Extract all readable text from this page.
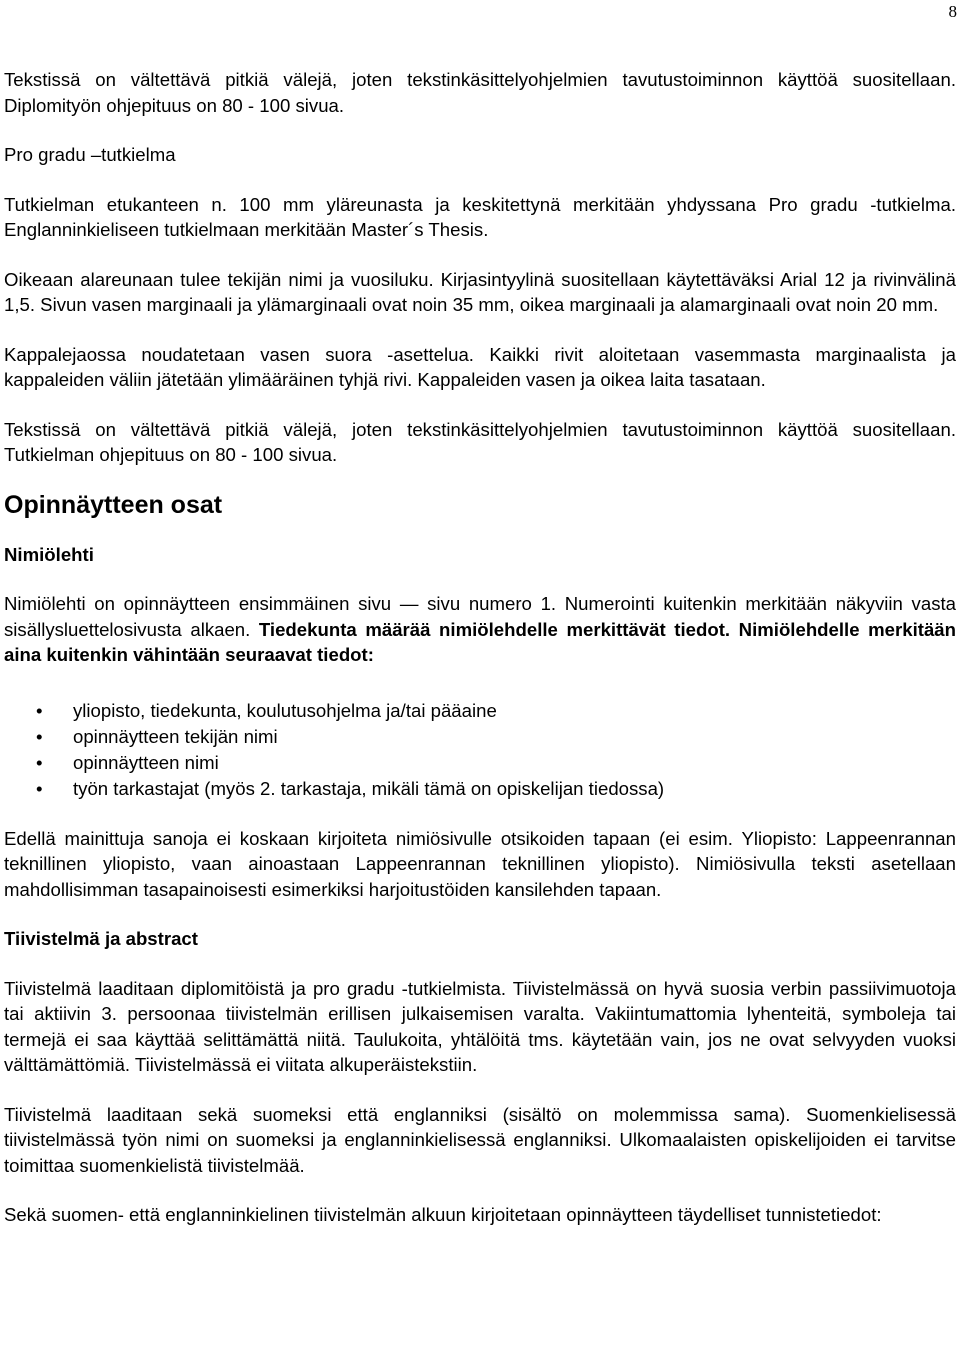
8

Tekstissä on vältettävä pitkiä välejä, joten tekstinkäsittelyohjelmien tavutustoiminnon käyttöä suositellaan. Diplomityön ohjepituus on 80 - 100 sivua.

Pro gradu –tutkielma

Tutkielman etukanteen n. 100 mm yläreunasta ja keskitettynä merkitään yhdyssana Pro gradu -tutkielma. Englanninkieliseen tutkielmaan merkitään Master´s Thesis.

Oikeaan alareunaan tulee tekijän nimi ja vuosiluku. Kirjasintyylinä suositellaan käytettäväksi Arial 12 ja rivinvälinä 1,5. Sivun vasen marginaali ja ylämarginaali ovat noin 35 mm, oikea marginaali ja alamarginaali ovat noin 20 mm.

Kappalejaossa noudatetaan vasen suora -asettelua. Kaikki rivit aloitetaan vasemmasta marginaalista ja kappaleiden väliin jätetään ylimääräinen tyhjä rivi. Kappaleiden vasen ja oikea laita tasataan.

Tekstissä on vältettävä pitkiä välejä, joten tekstinkäsittelyohjelmien tavutustoiminnon käyttöä suositellaan. Tutkielman ohjepituus on 80 - 100 sivua.

Opinnäytteen osat
Nimiölehti

Nimiölehti on opinnäytteen ensimmäinen sivu — sivu numero 1. Numerointi kuitenkin merkitään näkyviin vasta sisällysluettelosivusta alkaen. Tiedekunta määrää nimiölehdelle merkittävät tiedot. Nimiölehdelle merkitään aina kuitenkin vähintään seuraavat tiedot:

• yliopisto, tiedekunta, koulutusohjelma ja/tai pääaine
• opinnäytteen tekijän nimi
• opinnäytteen nimi
• työn tarkastajat (myös 2. tarkastaja, mikäli tämä on opiskelijan tiedossa)

Edellä mainittuja sanoja ei koskaan kirjoiteta nimiösivulle otsikoiden tapaan (ei esim. Yliopisto: Lappeenrannan teknillinen yliopisto, vaan ainoastaan Lappeenrannan teknillinen yliopisto). Nimiösivulla teksti asetellaan mahdollisimman tasapainoisesti esimerkiksi harjoitustöiden kansilehden tapaan.

Tiivistelmä ja abstract

Tiivistelmä laaditaan diplomitöistä ja pro gradu -tutkielmista. Tiivistelmässä on hyvä suosia verbin passiivimuotoja tai aktiivin 3. persoonaa tiivistelmän erillisen julkaisemisen varalta. Vakiintumattomia lyhenteitä, symboleja tai termejä ei saa käyttää selittämättä niitä. Taulukoita, yhtälöitä tms. käytetään vain, jos ne ovat selvyyden vuoksi välttämättömiä. Tiivistelmässä ei viitata alkuperäistekstiin.

Tiivistelmä laaditaan sekä suomeksi että englanniksi (sisältö on molemmissa sama). Suomenkielisessä tiivistelmässä työn nimi on suomeksi ja englanninkielisessä englanniksi. Ulkomaalaisten opiskelijoiden ei tarvitse toimittaa suomenkielistä tiivistelmää.

Sekä suomen- että englanninkielinen tiivistelmän alkuun kirjoitetaan opinnäytteen täydelliset tunnistetiedot:
